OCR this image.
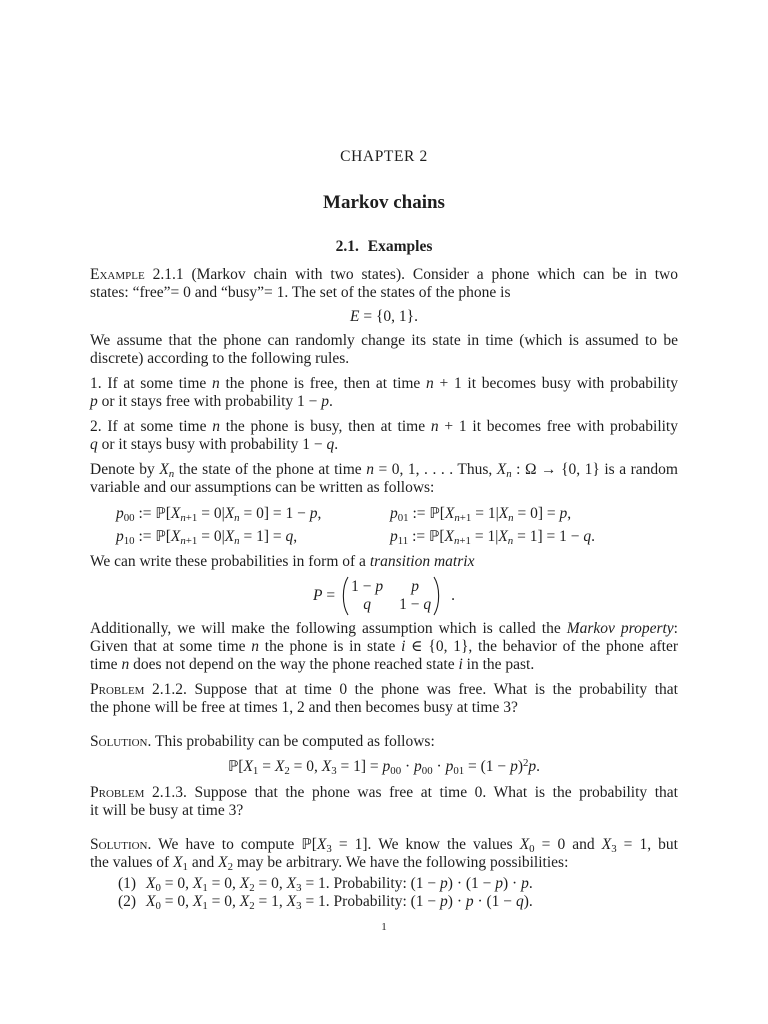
CHAPTER 2
Markov chains
2.1. Examples
Example 2.1.1 (Markov chain with two states). Consider a phone which can be in two
states: “free”= 0 and “busy”= 1. The set of the states of the phone is
E = {0, 1}.
We assume that the phone can randomly change its state in time (which is assumed to be
discrete) according to the following rules.
1. If at some time n the phone is free, then at time n + 1 it becomes busy with probability
p or it stays free with probability 1 − p.
2. If at some time n the phone is busy, then at time n + 1 it becomes free with probability
q or it stays busy with probability 1 − q.
Denote by $X_n$ the state of the phone at time n = 0, 1, . . . . Thus, $X_n$ : Ω → {0, 1} is a random
variable and our assumptions can be written as follows:
$p_{00}$ := $ℙ[X_{n+1} = 0|X_n = 0] = 1 - p$,	$p_{01}$ := $ℙ[X_{n+1} = 1|X_n = 0] = p$,
$p_{10}$ := $ℙ[X_{n+1} = 0|X_n = 1] = q$,	$p_{11}$ := $ℙ[X_{n+1} = 1|X_n = 1] = 1 - q$.
We can write these probabilities in form of a transition matrix
P =
1 − p	p
q	1 − q
.
Additionally, we will make the following assumption which is called the Markov property:
Given that at some time n the phone is in state i ∈ {0, 1}, the behavior of the phone after
time n does not depend on the way the phone reached state i in the past.
Problem 2.1.2. Suppose that at time 0 the phone was free. What is the probability that
the phone will be free at times 1, 2 and then becomes busy at time 3?
Solution. This probability can be computed as follows:
$ℙ[X_1 = X_2 = 0$, $X_3 = 1] = p_{00} \cdot p_{00} \cdot p_{01} = (1 - p)^2p$.
Problem 2.1.3. Suppose that the phone was free at time 0. What is the probability that
it will be busy at time 3?
Solution. We have to compute $ℙ[X_3 = 1]$. We know the values $X_0 = 0$ and $X_3 = 1$, but
the values of $X_1$ and $X_2$ may be arbitrary. We have the following possibilities:
(1) $X_0 = 0$, $X_1 = 0$, $X_2 = 0$, $X_3 = 1$. Probability: (1 − p) · (1 − p) · p.
(2) $X_0 = 0$, $X_1 = 0$, $X_2 = 1$, $X_3 = 1$. Probability: (1 − p) · p · (1 − q).
1
